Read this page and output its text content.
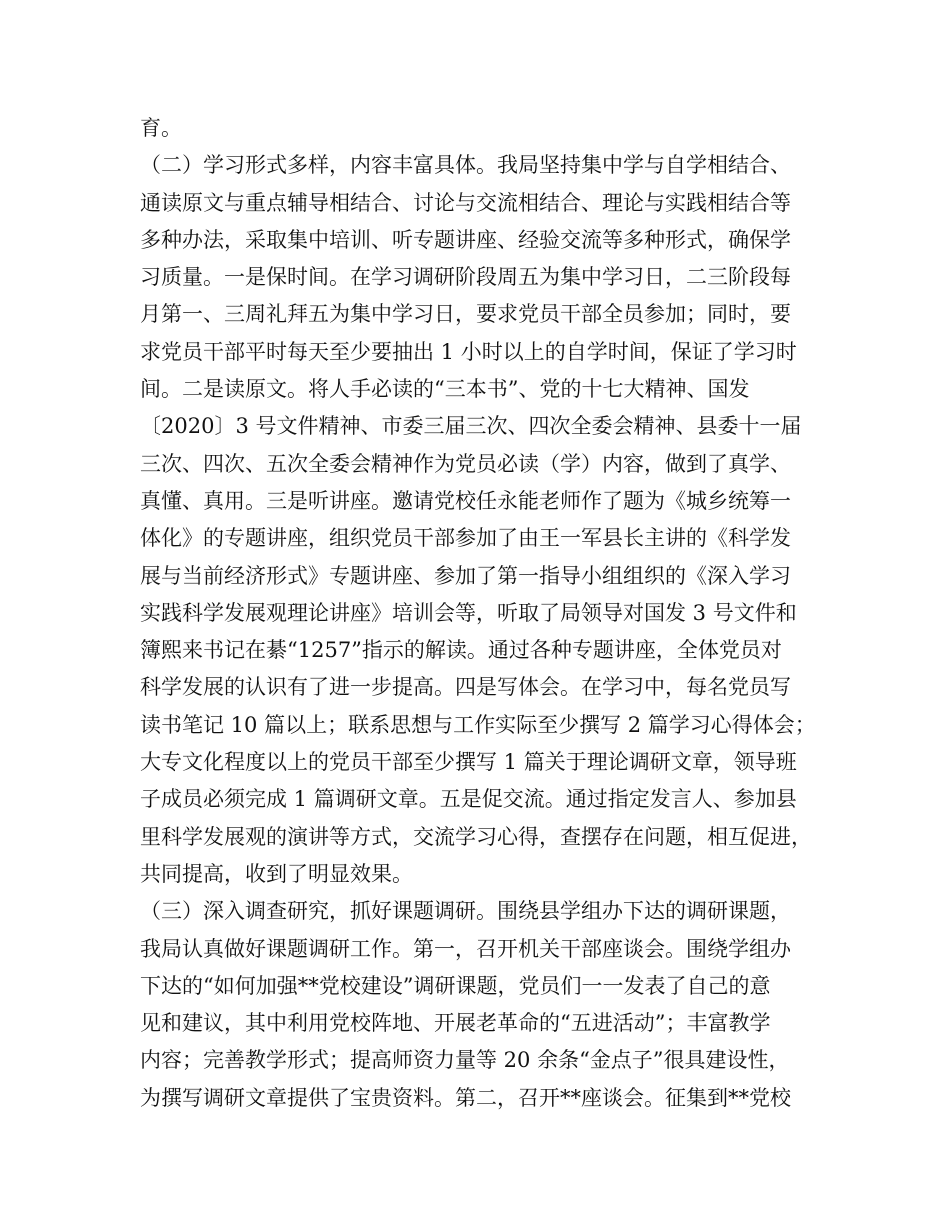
育。
（二）学习形式多样，内容丰富具体。我局坚持集中学与自学相结合、
通读原文与重点辅导相结合、讨论与交流相结合、理论与实践相结合等
多种办法，采取集中培训、听专题讲座、经验交流等多种形式，确保学
习质量。一是保时间。在学习调研阶段周五为集中学习日，二三阶段每
月第一、三周礼拜五为集中学习日，要求党员干部全员参加；同时，要
求党员干部平时每天至少要抽出 1 小时以上的自学时间，保证了学习时
间。二是读原文。将人手必读的“三本书”、党的十七大精神、国发
〔2020〕3 号文件精神、市委三届三次、四次全委会精神、县委十一届
三次、四次、五次全委会精神作为党员必读（学）内容，做到了真学、
真懂、真用。三是听讲座。邀请党校任永能老师作了题为《城乡统筹一
体化》的专题讲座，组织党员干部参加了由王一军县长主讲的《科学发
展与当前经济形式》专题讲座、参加了第一指导小组组织的《深入学习
实践科学发展观理论讲座》培训会等，听取了局领导对国发 3 号文件和
簿熙来书记在綦“1257”指示的解读。通过各种专题讲座，全体党员对
科学发展的认识有了进一步提高。四是写体会。在学习中，每名党员写
读书笔记 10 篇以上；联系思想与工作实际至少撰写 2 篇学习心得体会；
大专文化程度以上的党员干部至少撰写 1 篇关于理论调研文章，领导班
子成员必须完成 1 篇调研文章。五是促交流。通过指定发言人、参加县
里科学发展观的演讲等方式，交流学习心得，查摆存在问题，相互促进，
共同提高，收到了明显效果。
（三）深入调查研究，抓好课题调研。围绕县学组办下达的调研课题，
我局认真做好课题调研工作。第一，召开机关干部座谈会。围绕学组办
下达的“如何加强**党校建设”调研课题，党员们一一发表了自己的意
见和建议，其中利用党校阵地、开展老革命的“五进活动”；丰富教学
内容；完善教学形式；提高师资力量等 20 余条“金点子”很具建设性，
为撰写调研文章提供了宝贵资料。第二，召开**座谈会。征集到**党校
